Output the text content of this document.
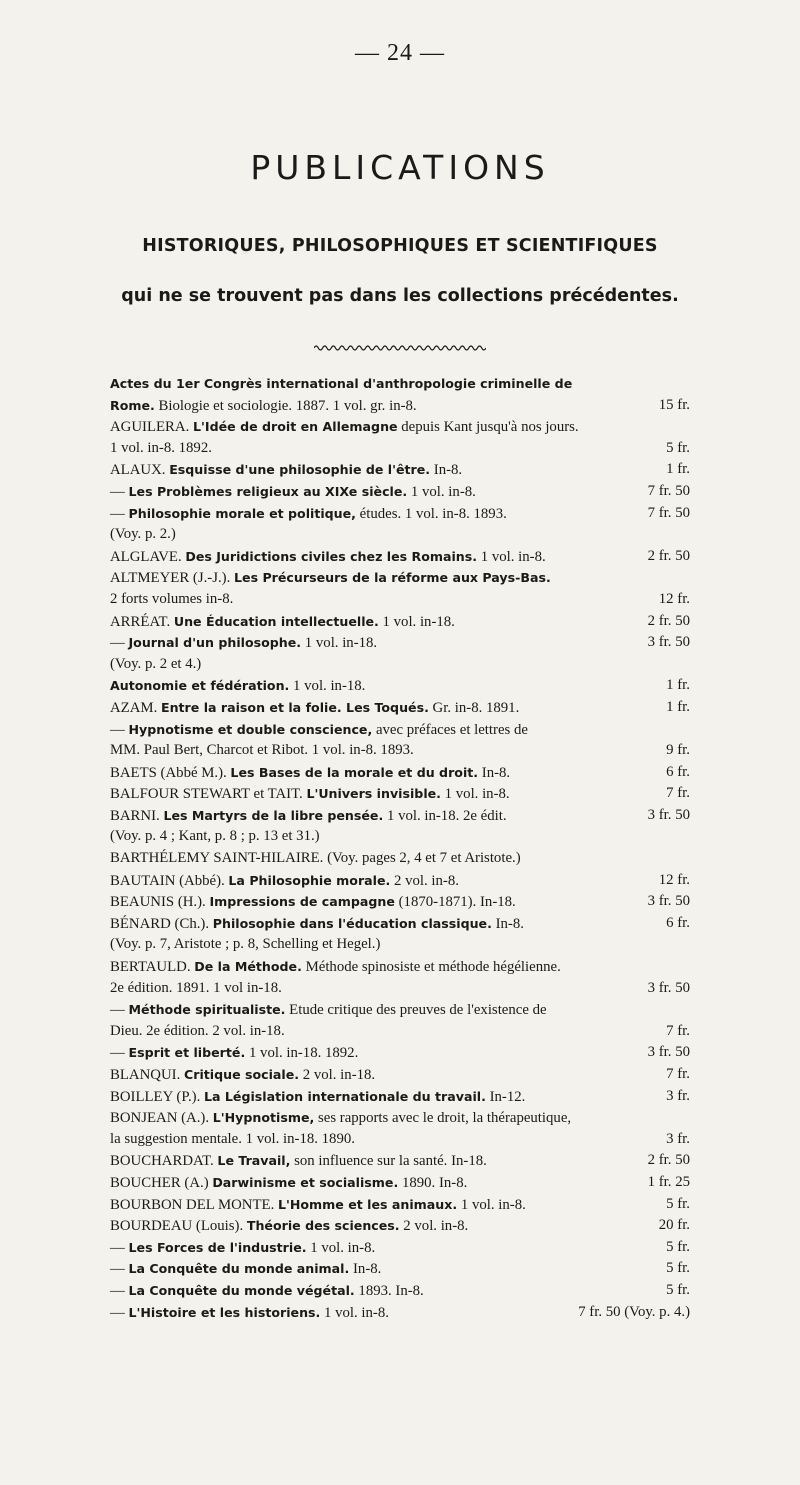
— 24 —
PUBLICATIONS
HISTORIQUES, PHILOSOPHIQUES ET SCIENTIFIQUES
qui ne se trouvent pas dans les collections précédentes.
Actes du 1er Congrès international d'anthropologie criminelle de
Rome. Biologie et sociologie. 1887. 1 vol. gr. in-8.	15 fr.
AGUILERA. L'Idée de droit en Allemagne depuis Kant jusqu'à nos jours.
1 vol. in-8. 1892.	5 fr.
ALAUX. Esquisse d'une philosophie de l'être. In-8.	1 fr.
— Les Problèmes religieux au XIXe siècle. 1 vol. in-8.	7 fr. 50
— Philosophie morale et politique, études. 1 vol. in-8. 1893.	7 fr. 50
(Voy. p. 2.)
ALGLAVE. Des Juridictions civiles chez les Romains. 1 vol. in-8.	2 fr. 50
ALTMEYER (J.-J.). Les Précurseurs de la réforme aux Pays-Bas.
2 forts volumes in-8.	12 fr.
ARRÉAT. Une Éducation intellectuelle. 1 vol. in-18.	2 fr. 50
— Journal d'un philosophe. 1 vol. in-18.	3 fr. 50
(Voy. p. 2 et 4.)
Autonomie et fédération. 1 vol. in-18.	1 fr.
AZAM. Entre la raison et la folie. Les Toqués. Gr. in-8. 1891.	1 fr.
— Hypnotisme et double conscience, avec préfaces et lettres de
MM. Paul Bert, Charcot et Ribot. 1 vol. in-8. 1893.	9 fr.
BAETS (Abbé M.). Les Bases de la morale et du droit. In-8.	6 fr.
BALFOUR STEWART et TAIT. L'Univers invisible. 1 vol. in-8.	7 fr.
BARNI. Les Martyrs de la libre pensée. 1 vol. in-18. 2e édit.	3 fr. 50
(Voy. p. 4 ; Kant, p. 8 ; p. 13 et 31.)
BARTHÉLEMY SAINT-HILAIRE. (Voy. pages 2, 4 et 7 et Aristote.)
BAUTAIN (Abbé). La Philosophie morale. 2 vol. in-8.	12 fr.
BEAUNIS (H.). Impressions de campagne (1870-1871). In-18.	3 fr. 50
BÉNARD (Ch.). Philosophie dans l'éducation classique. In-8.	6 fr.
(Voy. p. 7, Aristote ; p. 8, Schelling et Hegel.)
BERTAULD. De la Méthode. Méthode spinosiste et méthode hégélienne.
2e édition. 1891. 1 vol in-18.	3 fr. 50
— Méthode spiritualiste. Etude critique des preuves de l'existence de
Dieu. 2e édition. 2 vol. in-18.	7 fr.
— Esprit et liberté. 1 vol. in-18. 1892.	3 fr. 50
BLANQUI. Critique sociale. 2 vol. in-18.	7 fr.
BOILLEY (P.). La Législation internationale du travail. In-12.	3 fr.
BONJEAN (A.). L'Hypnotisme, ses rapports avec le droit, la thérapeutique,
la suggestion mentale. 1 vol. in-18. 1890.	3 fr.
BOUCHARDAT. Le Travail, son influence sur la santé. In-18.	2 fr. 50
BOUCHER (A.) Darwinisme et socialisme. 1890. In-8.	1 fr. 25
BOURBON DEL MONTE. L'Homme et les animaux. 1 vol. in-8.	5 fr.
BOURDEAU (Louis). Théorie des sciences. 2 vol. in-8.	20 fr.
— Les Forces de l'industrie. 1 vol. in-8.	5 fr.
— La Conquête du monde animal. In-8.	5 fr.
— La Conquête du monde végétal. 1893. In-8.	5 fr.
— L'Histoire et les historiens. 1 vol. in-8.	7 fr. 50 (Voy. p. 4.)
